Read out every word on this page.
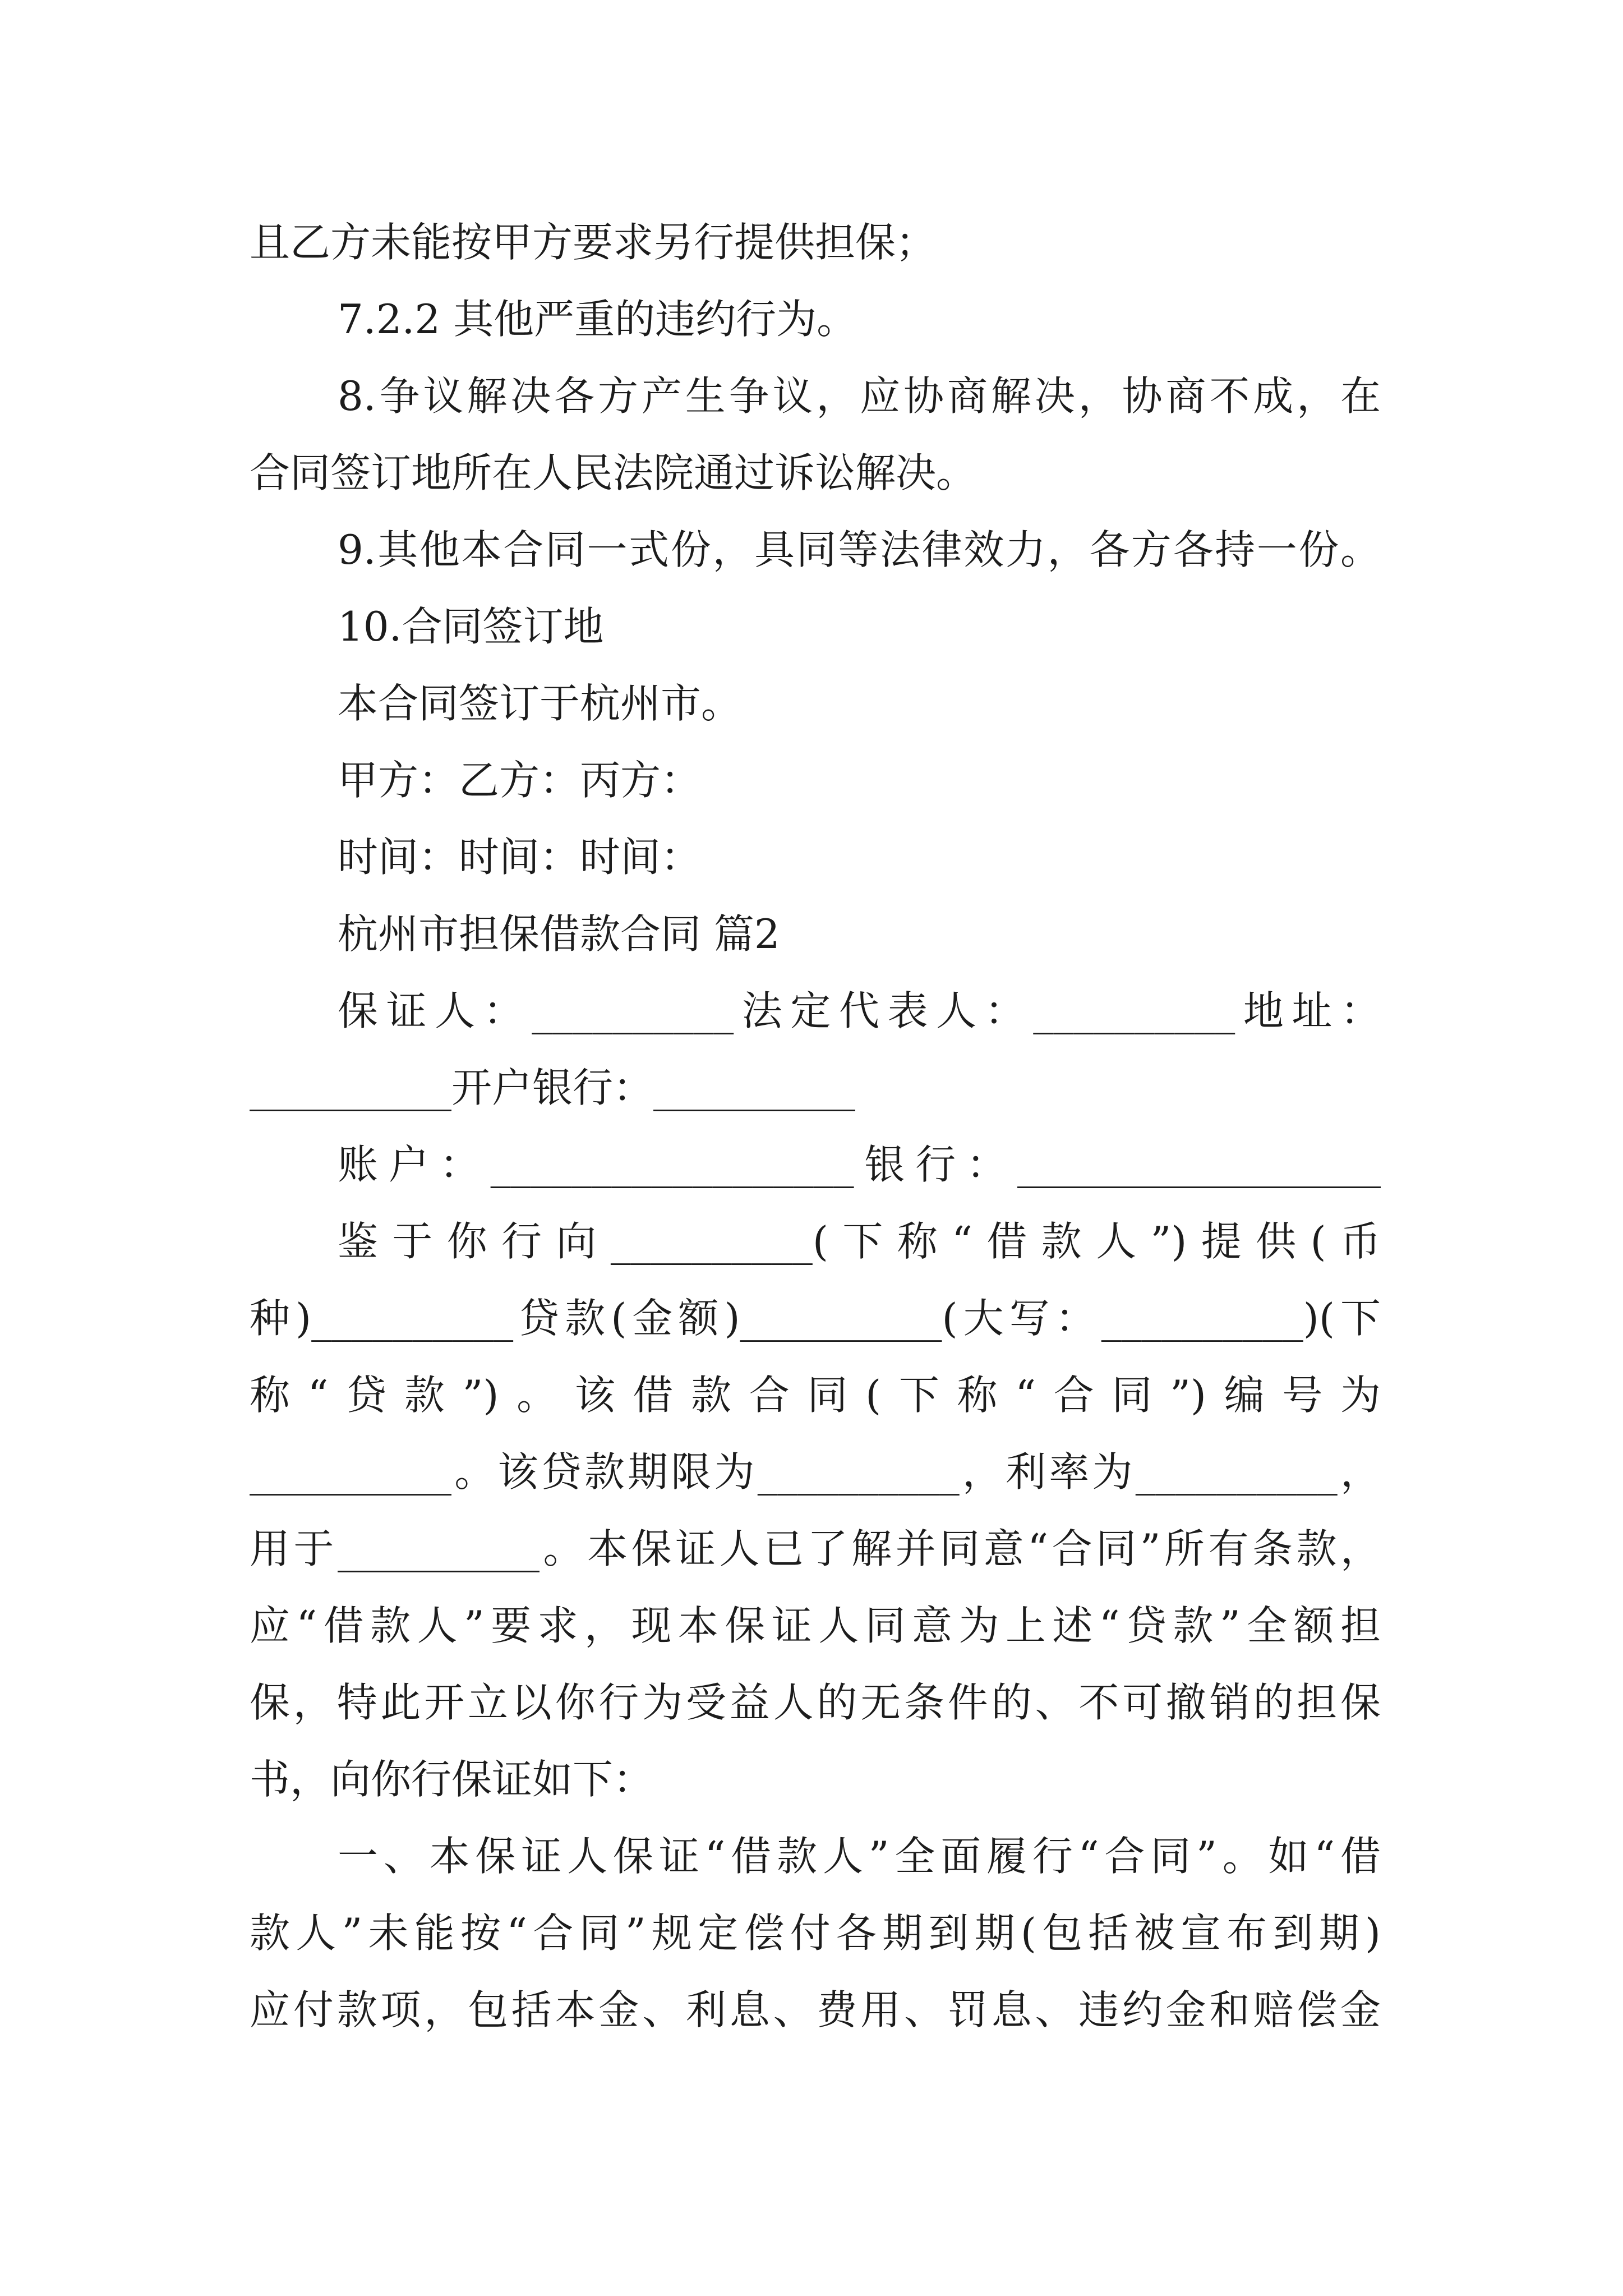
且乙方未能按甲方要求另行提供担保；

7.2.2 其他严重的违约行为。

8.争议解决各方产生争议，应协商解决，协商不成，在

合同签订地所在人民法院通过诉讼解决。

9.其他本合同一式份，具同等法律效力，各方各持一份。

10.合同签订地

本合同签订于杭州市。

甲方：乙方：丙方：

时间：时间：时间：

杭州市担保借款合同 篇2

保证人：__________法定代表人：__________地址：

__________开户银行：__________

账户：__________________银行：__________________

鉴于你行向__________(下称“借款人”)提供(币

种)__________贷款(金额)__________(大写：__________)(下

称“贷款”)。该借款合同(下称“合同”)编号为

__________。该贷款期限为__________，利率为__________，

用于__________。本保证人已了解并同意“合同”所有条款，

应“借款人”要求，现本保证人同意为上述“贷款”全额担

保，特此开立以你行为受益人的无条件的、不可撤销的担保

书，向你行保证如下：

一、本保证人保证“借款人”全面履行“合同”。如“借

款人”未能按“合同”规定偿付各期到期(包括被宣布到期)

应付款项，包括本金、利息、费用、罚息、违约金和赔偿金
